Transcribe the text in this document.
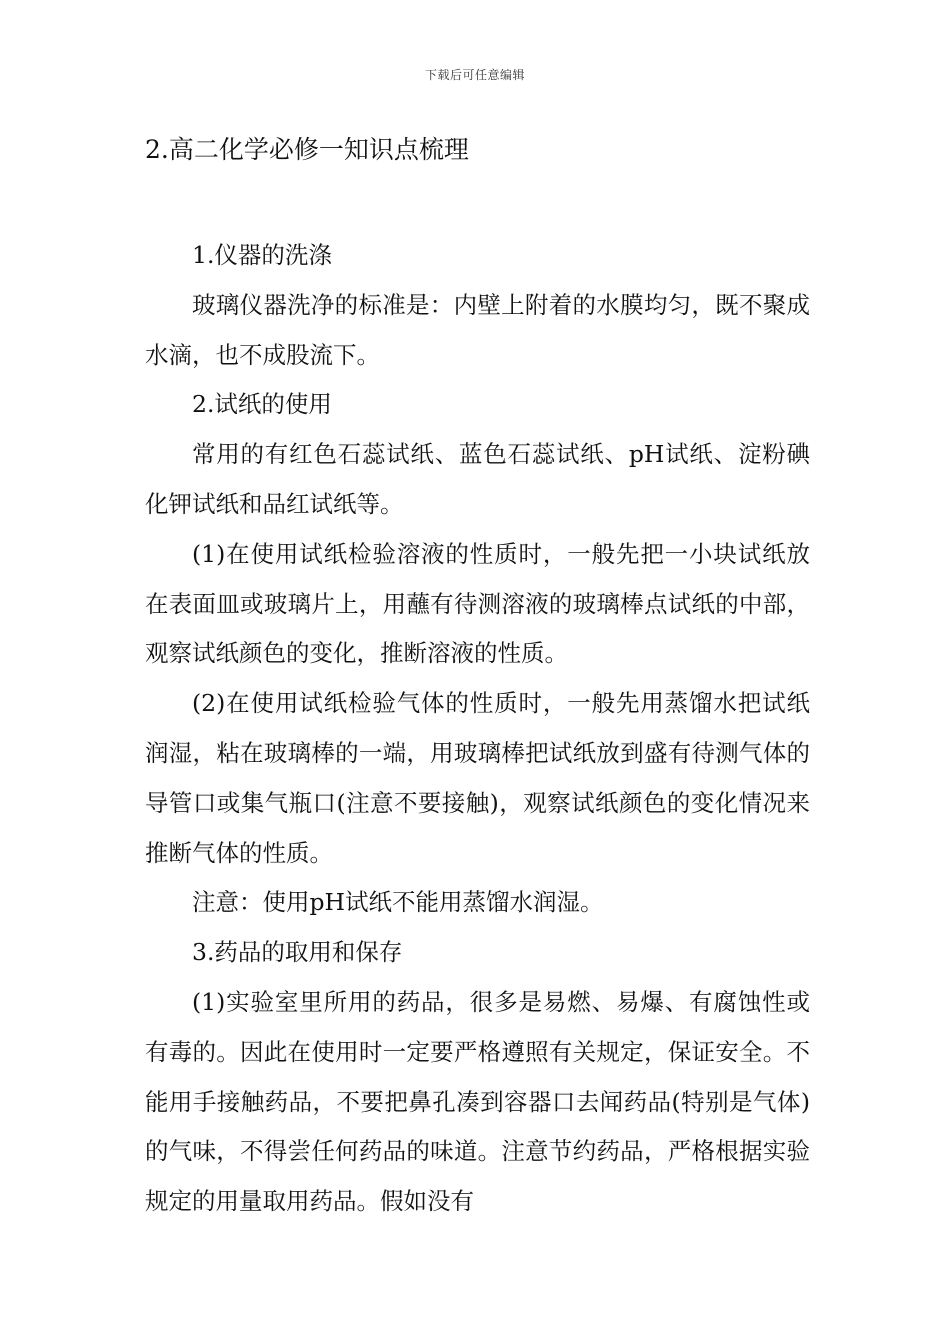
下载后可任意编辑
2.高二化学必修一知识点梳理

1.仪器的洗涤

玻璃仪器洗净的标准是：内壁上附着的水膜均匀，既不聚成水滴，也不成股流下。

2.试纸的使用

常用的有红色石蕊试纸、蓝色石蕊试纸、pH试纸、淀粉碘化钾试纸和品红试纸等。

(1)在使用试纸检验溶液的性质时，一般先把一小块试纸放在表面皿或玻璃片上，用蘸有待测溶液的玻璃棒点试纸的中部，观察试纸颜色的变化，推断溶液的性质。

(2)在使用试纸检验气体的性质时，一般先用蒸馏水把试纸润湿，粘在玻璃棒的一端，用玻璃棒把试纸放到盛有待测气体的导管口或集气瓶口(注意不要接触)，观察试纸颜色的变化情况来推断气体的性质。

注意：使用pH试纸不能用蒸馏水润湿。

3.药品的取用和保存

(1)实验室里所用的药品，很多是易燃、易爆、有腐蚀性或有毒的。因此在使用时一定要严格遵照有关规定，保证安全。不能用手接触药品，不要把鼻孔凑到容器口去闻药品(特别是气体)的气味，不得尝任何药品的味道。注意节约药品，严格根据实验规定的用量取用药品。假如没有
